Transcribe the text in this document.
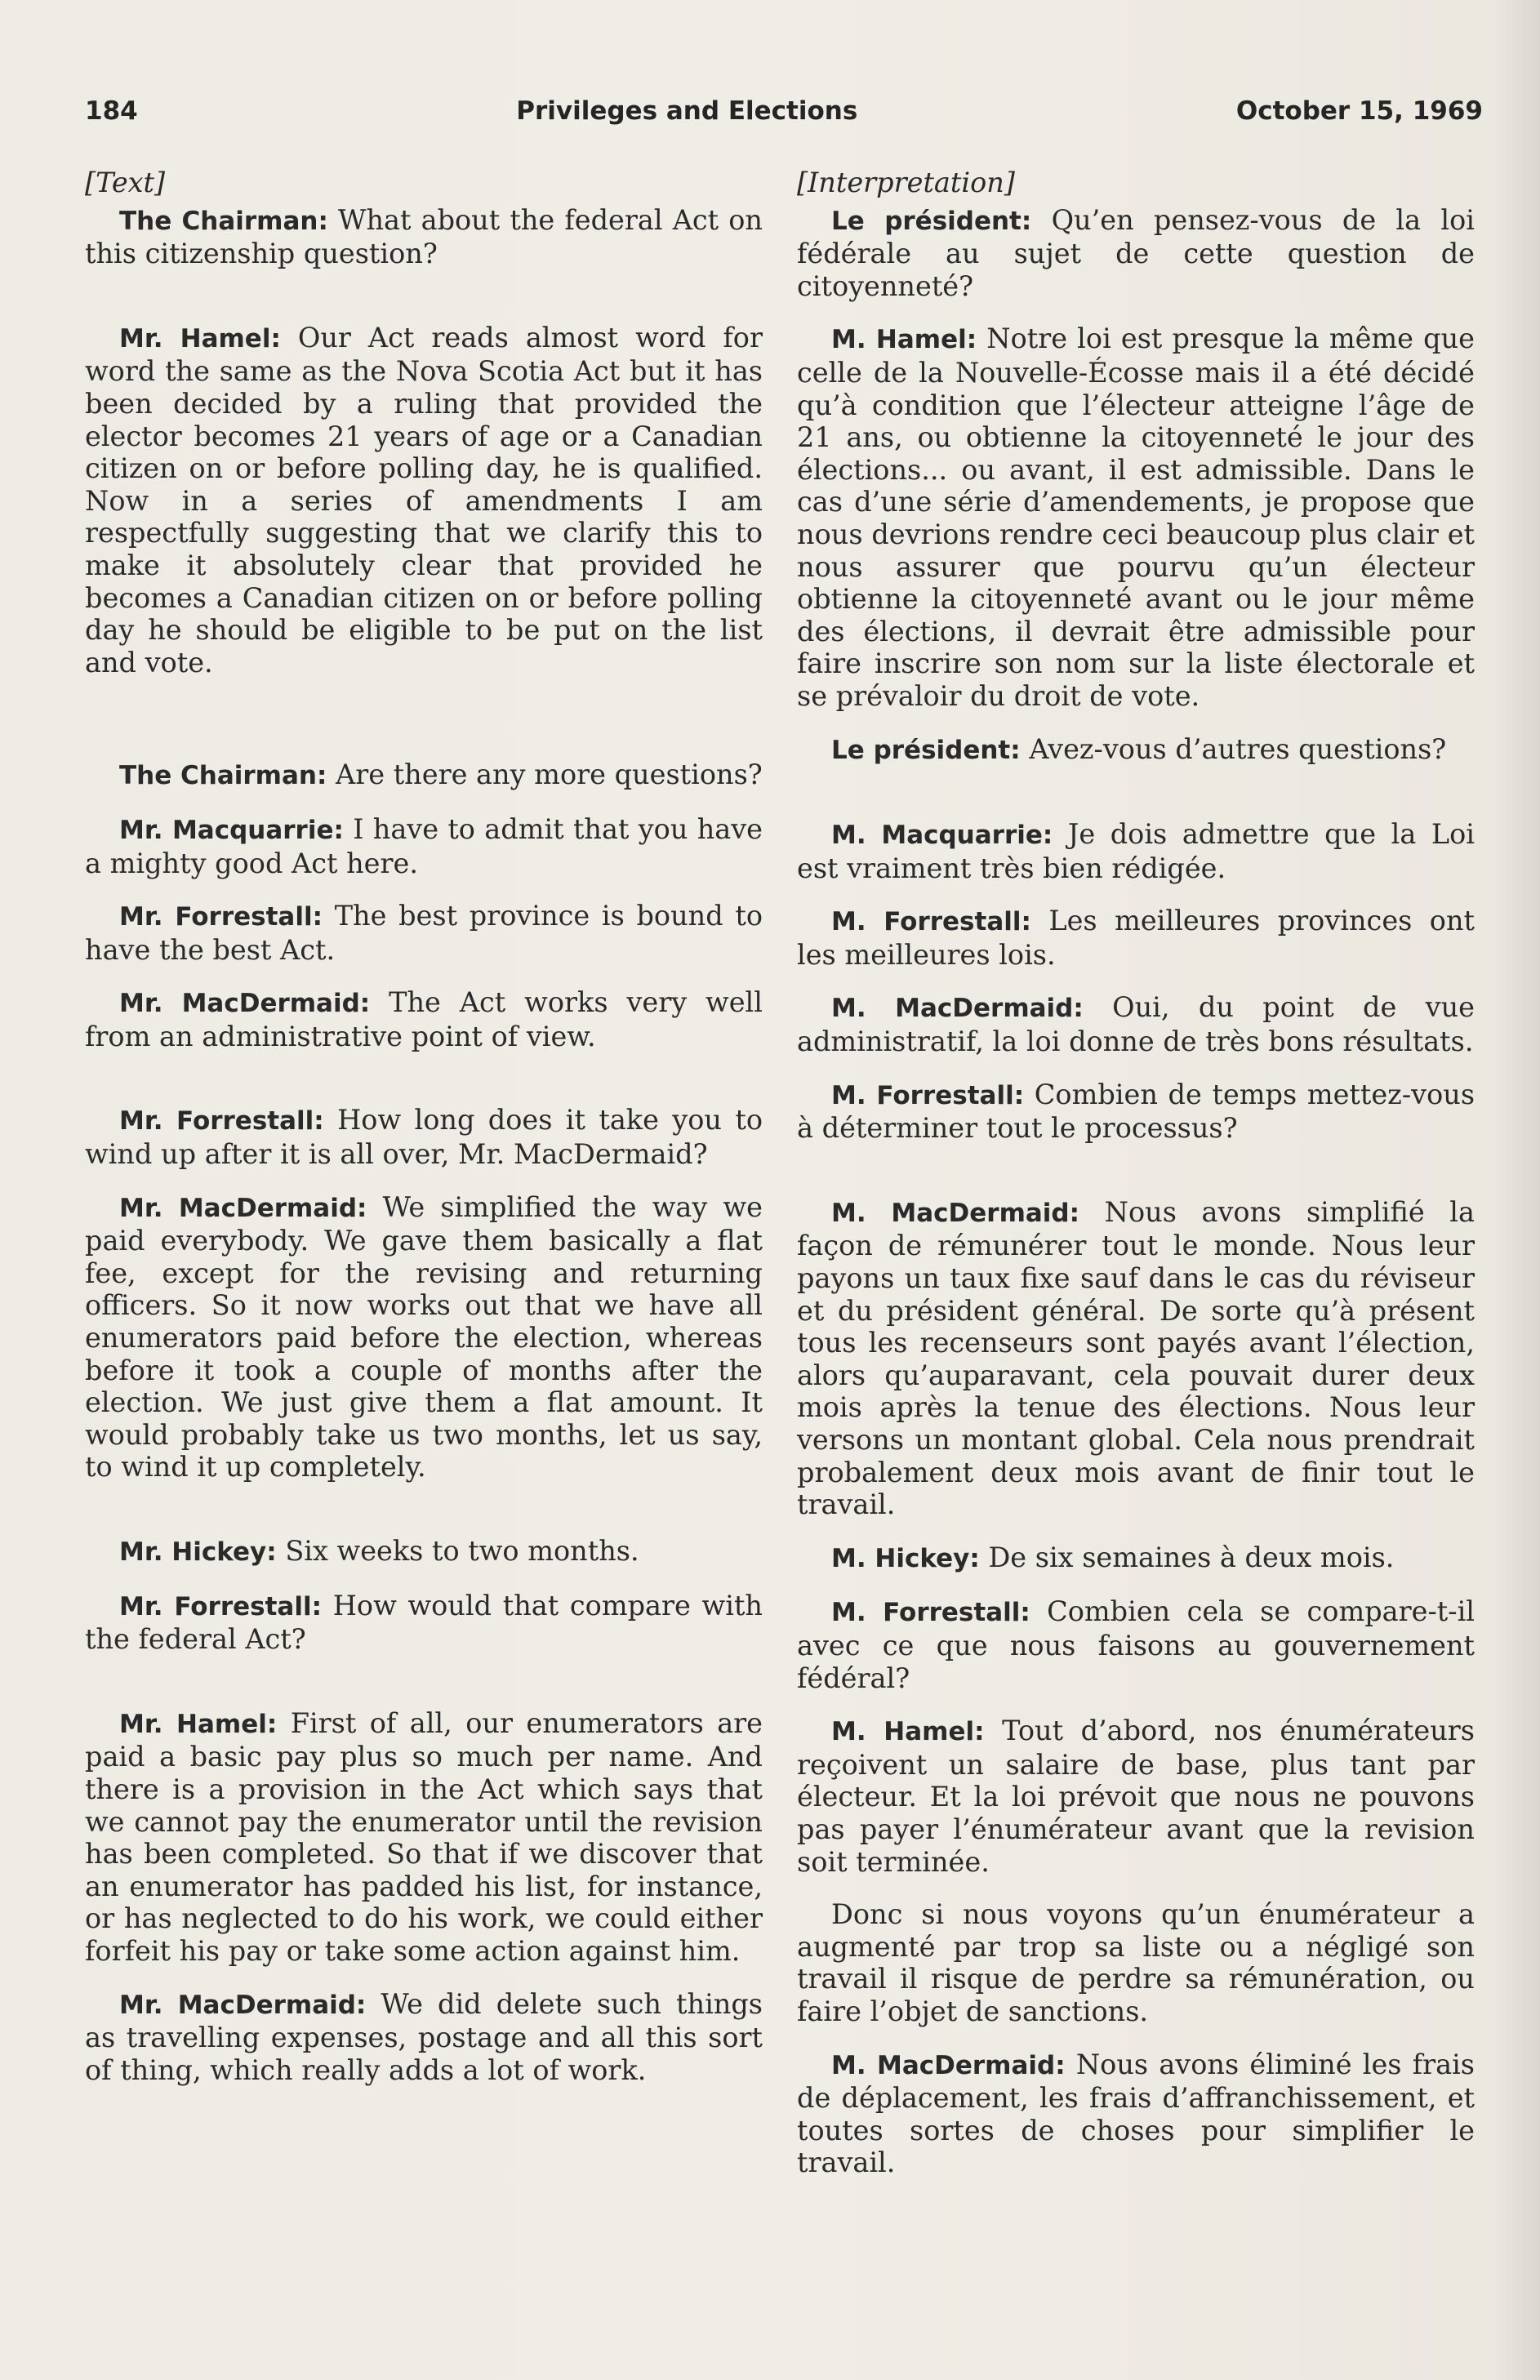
184	Privileges and Elections	October 15, 1969
[Text]

The Chairman: What about the federal Act on this citizenship question?

Mr. Hamel: Our Act reads almost word for word the same as the Nova Scotia Act but it has been decided by a ruling that provided the elector becomes 21 years of age or a Canadian citizen on or before polling day, he is qualified. Now in a series of amendments I am respectfully suggesting that we clarify this to make it absolutely clear that provided he becomes a Canadian citizen on or before polling day he should be eligible to be put on the list and vote.

The Chairman: Are there any more questions?

Mr. Macquarrie: I have to admit that you have a mighty good Act here.

Mr. Forrestall: The best province is bound to have the best Act.

Mr. MacDermaid: The Act works very well from an administrative point of view.

Mr. Forrestall: How long does it take you to wind up after it is all over, Mr. MacDermaid?

Mr. MacDermaid: We simplified the way we paid everybody. We gave them basically a flat fee, except for the revising and returning officers. So it now works out that we have all enumerators paid before the election, whereas before it took a couple of months after the election. We just give them a flat amount. It would probably take us two months, let us say, to wind it up completely.

Mr. Hickey: Six weeks to two months.

Mr. Forrestall: How would that compare with the federal Act?

Mr. Hamel: First of all, our enumerators are paid a basic pay plus so much per name. And there is a provision in the Act which says that we cannot pay the enumerator until the revision has been completed. So that if we discover that an enumerator has padded his list, for instance, or has neglected to do his work, we could either forfeit his pay or take some action against him.

Mr. MacDermaid: We did delete such things as travelling expenses, postage and all this sort of thing, which really adds a lot of work.

[Interpretation]

Le président: Qu’en pensez-vous de la loi fédérale au sujet de cette question de citoyenneté?

M. Hamel: Notre loi est presque la même que celle de la Nouvelle-Écosse mais il a été décidé qu’à condition que l’électeur atteigne l’âge de 21 ans, ou obtienne la citoyenneté le jour des élections... ou avant, il est admissible. Dans le cas d’une série d’amendements, je propose que nous devrions rendre ceci beaucoup plus clair et nous assurer que pourvu qu’un électeur obtienne la citoyenneté avant ou le jour même des élections, il devrait être admissible pour faire inscrire son nom sur la liste électorale et se prévaloir du droit de vote.

Le président: Avez-vous d’autres questions?

M. Macquarrie: Je dois admettre que la Loi est vraiment très bien rédigée.

M. Forrestall: Les meilleures provinces ont les meilleures lois.

M. MacDermaid: Oui, du point de vue administratif, la loi donne de très bons résultats.

M. Forrestall: Combien de temps mettez-vous à déterminer tout le processus?

M. MacDermaid: Nous avons simplifié la façon de rémunérer tout le monde. Nous leur payons un taux fixe sauf dans le cas du réviseur et du président général. De sorte qu’à présent tous les recenseurs sont payés avant l’élection, alors qu’auparavant, cela pouvait durer deux mois après la tenue des élections. Nous leur versons un montant global. Cela nous prendrait probalement deux mois avant de finir tout le travail.

M. Hickey: De six semaines à deux mois.

M. Forrestall: Combien cela se compare-t-il avec ce que nous faisons au gouvernement fédéral?

M. Hamel: Tout d’abord, nos énumérateurs reçoivent un salaire de base, plus tant par électeur. Et la loi prévoit que nous ne pouvons pas payer l’énumérateur avant que la revision soit terminée.

Donc si nous voyons qu’un énumérateur a augmenté par trop sa liste ou a négligé son travail il risque de perdre sa rémunération, ou faire l’objet de sanctions.

M. MacDermaid: Nous avons éliminé les frais de déplacement, les frais d’affranchissement, et toutes sortes de choses pour simplifier le travail.
